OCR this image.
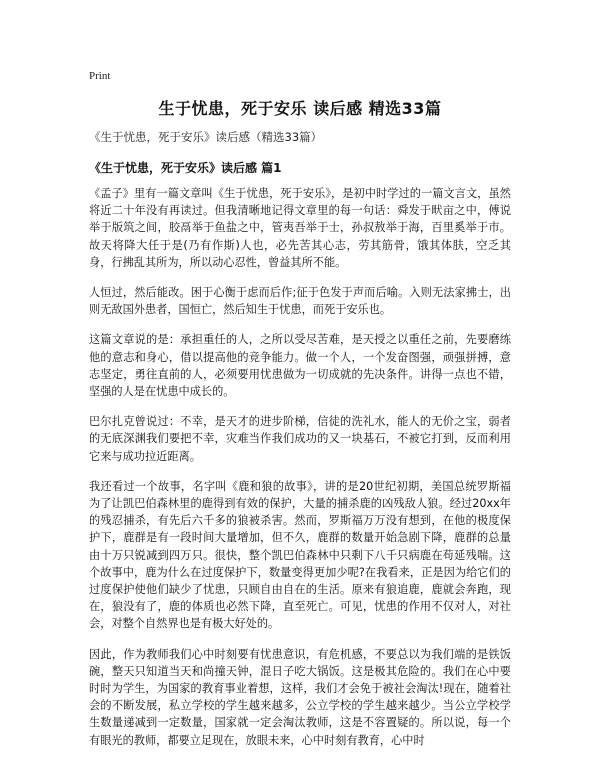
Print
生于忧患，死于安乐 读后感 精选33篇
《生于忧患，死于安乐》读后感（精选33篇）
《生于忧患，死于安乐》读后感 篇1

《孟子》里有一篇文章叫《生于忧患，死于安乐》，是初中时学过的一篇文言文，虽然将近二十年没有再读过。但我清晰地记得文章里的每一句话：舜发于畎亩之中，傅说举于版筑之间，胶鬲举于鱼盐之中，管夷吾举于士，孙叔敖举于海，百里奚举于市。故天将降大任于是(乃有作斯)人也，必先苦其心志，劳其筋骨，饿其体肤，空乏其身，行拂乱其所为，所以动心忍性，曾益其所不能。

人恒过，然后能改。困于心衡于虑而后作;征于色发于声而后喻。入则无法家拂士，出则无敌国外患者，国恒亡，然后知生于忧患，而死于安乐也。

这篇文章说的是：承担重任的人，之所以受尽苦难，是天授之以重任之前，先要磨练他的意志和身心，借以提高他的竞争能力。做一个人，一个发奋图强，顽强拼搏，意志坚定，勇往直前的人，必须要用忧患做为一切成就的先决条件。讲得一点也不错，坚强的人是在忧患中成长的。

巴尔扎克曾说过：不幸，是天才的进步阶梯，信徒的洗礼水，能人的无价之宝，弱者的无底深渊我们要把不幸，灾难当作我们成功的又一块基石，不被它打到，反而利用它来与成功拉近距离。

我还看过一个故事，名字叫《鹿和狼的故事》，讲的是20世纪初期，美国总统罗斯福为了让凯巴伯森林里的鹿得到有效的保护，大量的捕杀鹿的凶残敌人狼。经过20xx年的残忍捕杀，有先后六千多的狼被杀害。然而，罗斯福万万没有想到，在他的极度保护下，鹿群是有一段时间大量增加，但不久，鹿群的数量开始急剧下降，鹿群的总量由十万只锐减到四万只。很快，整个凯巴伯森林中只剩下八千只病鹿在苟延残喘。这个故事中，鹿为什么在过度保护下，数量变得更加少呢?在我看来，正是因为给它们的过度保护使他们缺少了忧患，只顾自由自在的生活。原来有狼追鹿，鹿就会奔跑，现在，狼没有了，鹿的体质也必然下降，直至死亡。可见，忧患的作用不仅对人，对社会，对整个自然界也是有极大好处的。

因此，作为教师我们心中时刻要有忧患意识，有危机感，不要总以为我们端的是铁饭碗，整天只知道当天和尚撞天钟，混日子吃大锅饭。这是极其危险的。我们在心中要时时为学生，为国家的教育事业着想，这样，我们才会免于被社会淘汰!现在，随着社会的不断发展，私立学校的学生越来越多，公立学校的学生越来越少。当公立学校学生数量递减到一定数量，国家就一定会淘汰教师，这是不容置疑的。所以说，每一个有眼光的教师，都要立足现在，放眼未来，心中时刻有教育，心中时
